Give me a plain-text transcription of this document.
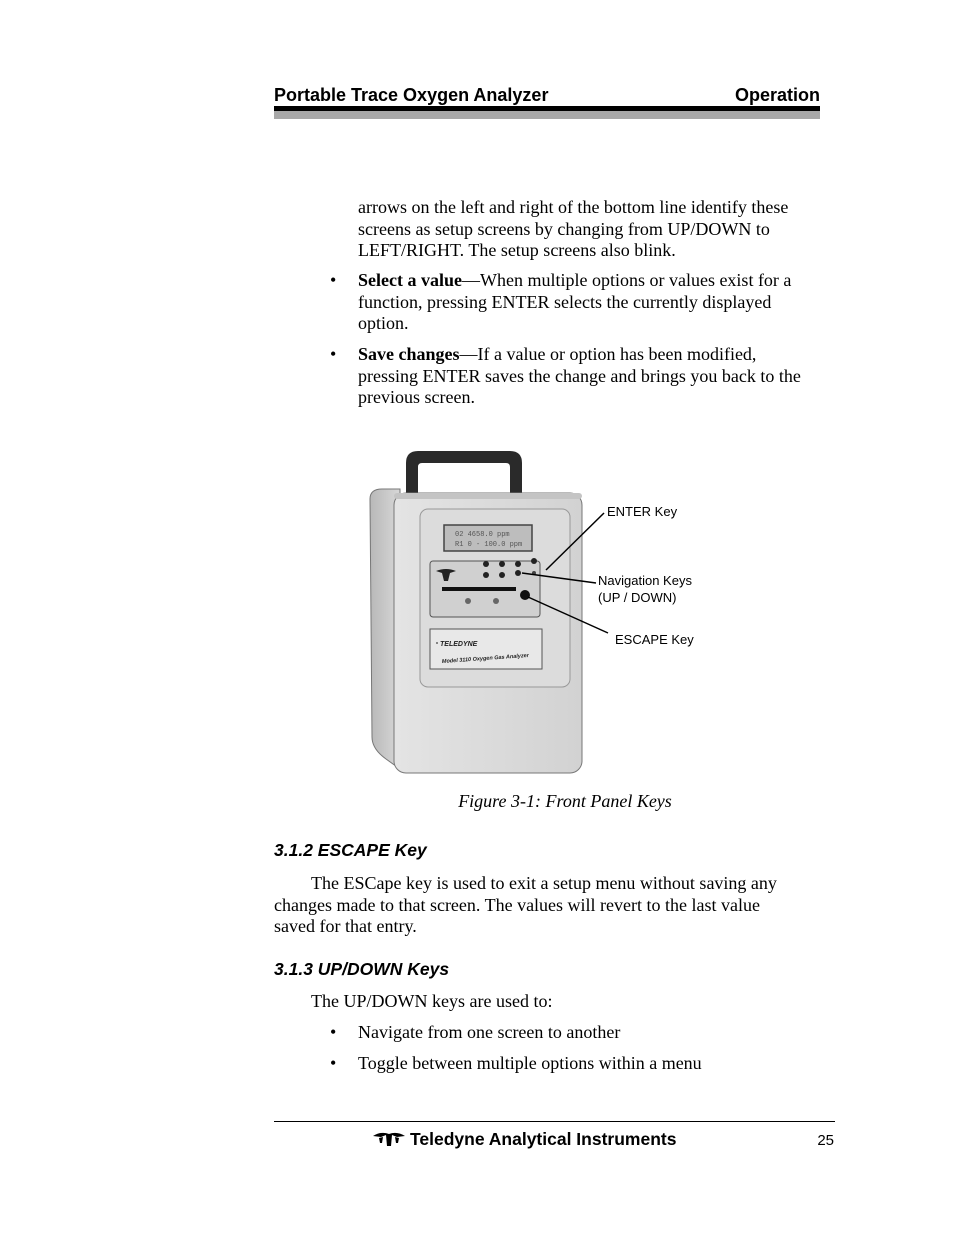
Portable Trace Oxygen Analyzer	Operation
arrows on the left and right of the bottom line identify these
screens as setup screens by changing from UP/DOWN to
LEFT/RIGHT. The setup screens also blink.
• Select a value—When multiple options or values exist for a
function, pressing ENTER selects the currently displayed
option.
• Save changes—If a value or option has been modified,
pressing ENTER saves the change and brings you back to the
previous screen.
02 4658.0 ppm
R1 0 - 100.0 ppm
TELEDYNE
Model 3110 Oxygen Gas Analyzer
ENTER Key
Navigation Keys
(UP / DOWN)
ESCAPE Key
Figure 3-1: Front Panel Keys
3.1.2 ESCAPE Key
The ESCape key is used to exit a setup menu without saving any
changes made to that screen. The values will revert to the last value
saved for that entry.
3.1.3 UP/DOWN Keys
The UP/DOWN keys are used to:
• Navigate from one screen to another
• Toggle between multiple options within a menu
Teledyne Analytical Instruments	25
